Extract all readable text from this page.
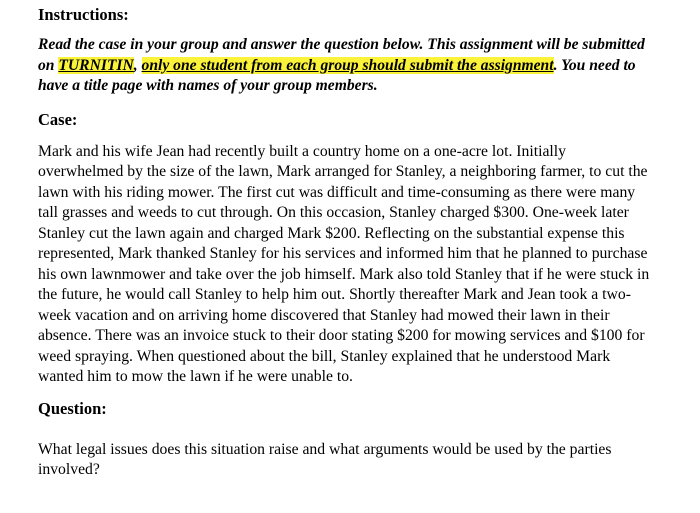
Instructions:

Read the case in your group and answer the question below. This assignment will be submitted
on TURNITIN, only one student from each group should submit the assignment. You need to
have a title page with names of your group members.

Case:

Mark and his wife Jean had recently built a country home on a one-acre lot. Initially
overwhelmed by the size of the lawn, Mark arranged for Stanley, a neighboring farmer, to cut the
lawn with his riding mower. The first cut was difficult and time-consuming as there were many
tall grasses and weeds to cut through. On this occasion, Stanley charged $300. One-week later
Stanley cut the lawn again and charged Mark $200. Reflecting on the substantial expense this
represented, Mark thanked Stanley for his services and informed him that he planned to purchase
his own lawnmower and take over the job himself. Mark also told Stanley that if he were stuck in
the future, he would call Stanley to help him out. Shortly thereafter Mark and Jean took a two-
week vacation and on arriving home discovered that Stanley had mowed their lawn in their
absence. There was an invoice stuck to their door stating $200 for mowing services and $100 for
weed spraying. When questioned about the bill, Stanley explained that he understood Mark
wanted him to mow the lawn if he were unable to.

Question:

What legal issues does this situation raise and what arguments would be used by the parties
involved?
